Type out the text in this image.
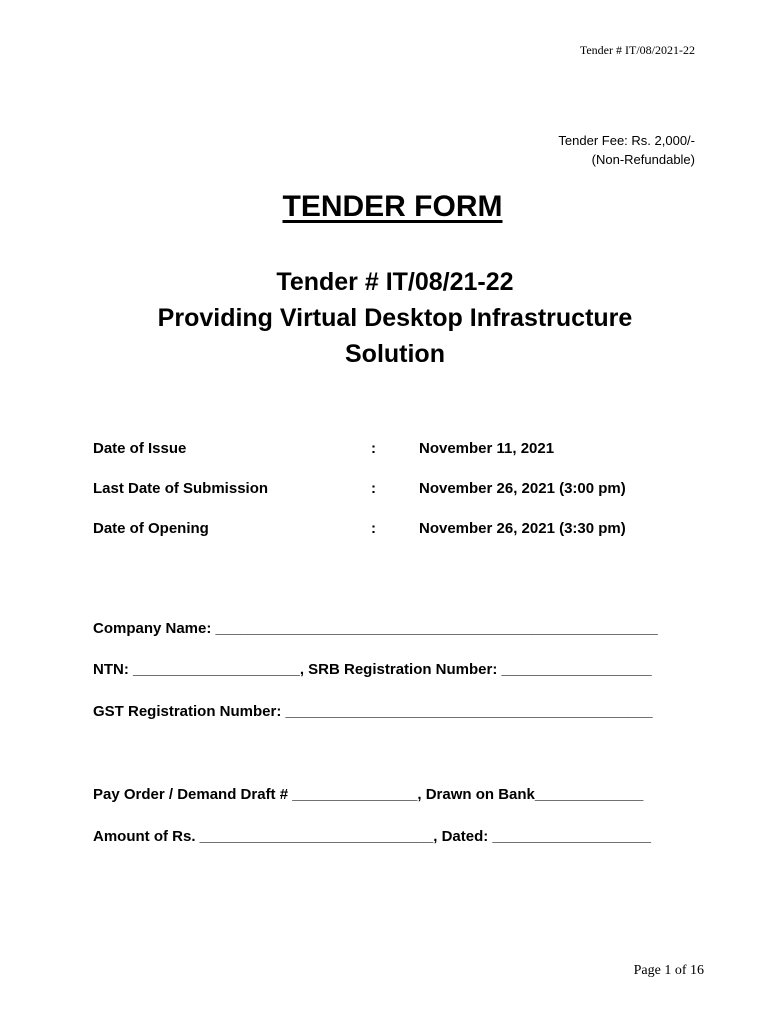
Tender # IT/08/2021-22
Tender Fee: Rs. 2,000/-
(Non-Refundable)
TENDER FORM
Tender # IT/08/21-22
Providing Virtual Desktop Infrastructure
Solution
Date of Issue	:	November 11, 2021
Last Date of Submission	:	November 26, 2021 (3:00 pm)
Date of Opening	:	November 26, 2021 (3:30 pm)
Company Name: _____________________________________________________
NTN: ____________________, SRB Registration Number: __________________
GST Registration Number: ____________________________________________
Pay Order / Demand Draft # _______________, Drawn on Bank_____________
Amount of Rs. ____________________________, Dated: ___________________
Page 1 of 16
